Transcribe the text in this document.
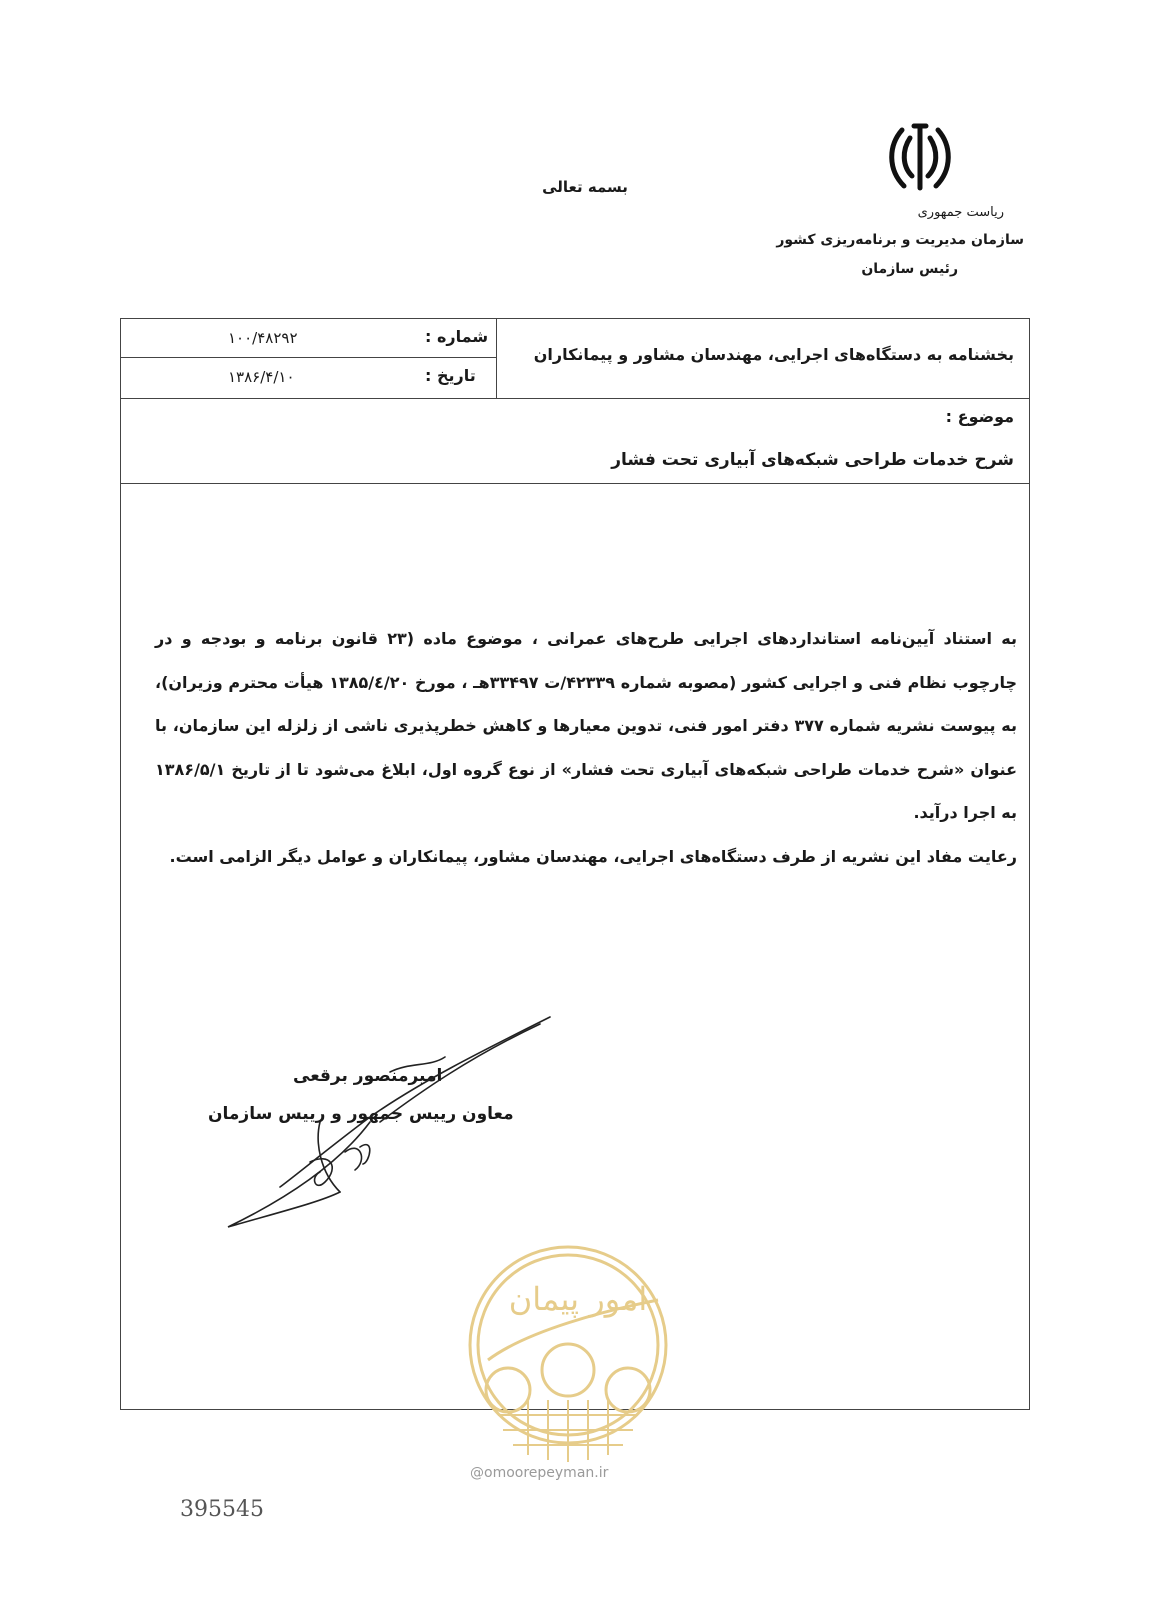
بسمه تعالی
ریاست جمهوری
سازمان مدیریت و برنامه‌ریزی کشور
رئیس سازمان
بخشنامه به دستگاه‌های اجرایی، مهندسان مشاور و پیمانکاران
شماره :
۱۰۰/۴۸۲۹۲
تاریخ :
۱۳۸۶/۴/۱۰
موضوع :
شرح خدمات طراحی شبکه‌های آبیاری تحت فشار

به استناد آیین‌نامه استانداردهای اجرایی طرح‌های عمرانی ، موضوع ماده (۲۳ قانون برنامه و بودجه و در چارچوب نظام فنی و اجرایی کشور (مصوبه شماره ۴۲۳۳۹/ت ۳۳۴۹۷هـ ، مورخ ۱۳۸۵/٤/۲۰ هیأت محترم وزیران)، به پیوست نشریه شماره ۳۷۷ دفتر امور فنی، تدوین معیارها و کاهش خطرپذیری ناشی از زلزله این سازمان، با عنوان «شرح خدمات طراحی شبکه‌های آبیاری تحت فشار» از نوع گروه اول، ابلاغ می‌شود تا از تاریخ ۱۳۸۶/۵/۱ به اجرا درآید.

رعایت مفاد این نشریه از طرف دستگاه‌های اجرایی، مهندسان مشاور، پیمانکاران و عوامل دیگر الزامی است.

امیرمنصور برقعی
معاون رییس جمهور و رییس سازمان
امور پیمان
@omoorepeyman.ir
395545
